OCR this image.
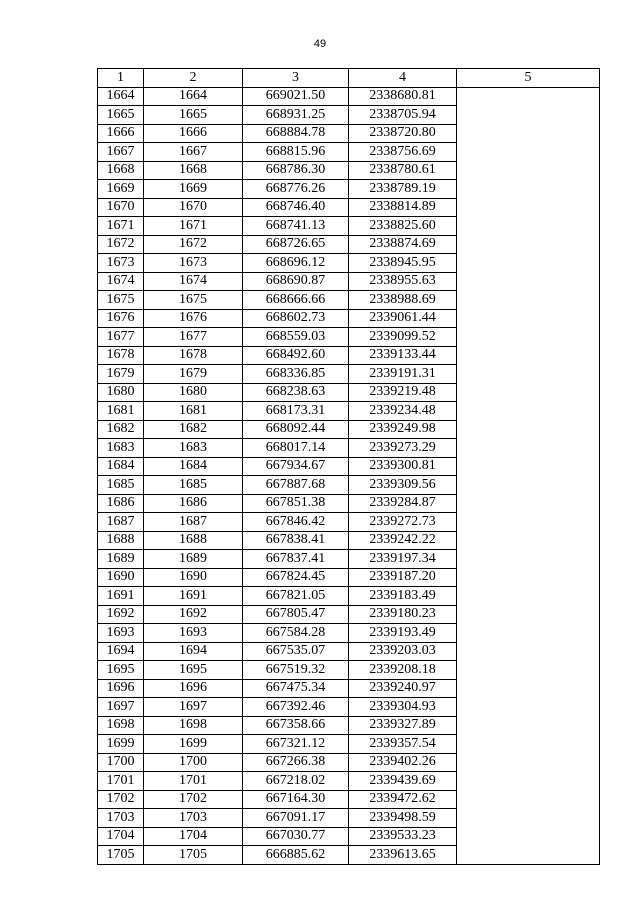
49
1	2	3	4	5
1664	1664	669021.50	2338680.81	
1665	1665	668931.25	2338705.94	
1666	1666	668884.78	2338720.80	
1667	1667	668815.96	2338756.69	
1668	1668	668786.30	2338780.61	
1669	1669	668776.26	2338789.19	
1670	1670	668746.40	2338814.89	
1671	1671	668741.13	2338825.60	
1672	1672	668726.65	2338874.69	
1673	1673	668696.12	2338945.95	
1674	1674	668690.87	2338955.63	
1675	1675	668666.66	2338988.69	
1676	1676	668602.73	2339061.44	
1677	1677	668559.03	2339099.52	
1678	1678	668492.60	2339133.44	
1679	1679	668336.85	2339191.31	
1680	1680	668238.63	2339219.48	
1681	1681	668173.31	2339234.48	
1682	1682	668092.44	2339249.98	
1683	1683	668017.14	2339273.29	
1684	1684	667934.67	2339300.81	
1685	1685	667887.68	2339309.56	
1686	1686	667851.38	2339284.87	
1687	1687	667846.42	2339272.73	
1688	1688	667838.41	2339242.22	
1689	1689	667837.41	2339197.34	
1690	1690	667824.45	2339187.20	
1691	1691	667821.05	2339183.49	
1692	1692	667805.47	2339180.23	
1693	1693	667584.28	2339193.49	
1694	1694	667535.07	2339203.03	
1695	1695	667519.32	2339208.18	
1696	1696	667475.34	2339240.97	
1697	1697	667392.46	2339304.93	
1698	1698	667358.66	2339327.89	
1699	1699	667321.12	2339357.54	
1700	1700	667266.38	2339402.26	
1701	1701	667218.02	2339439.69	
1702	1702	667164.30	2339472.62	
1703	1703	667091.17	2339498.59	
1704	1704	667030.77	2339533.23	
1705	1705	666885.62	2339613.65	
